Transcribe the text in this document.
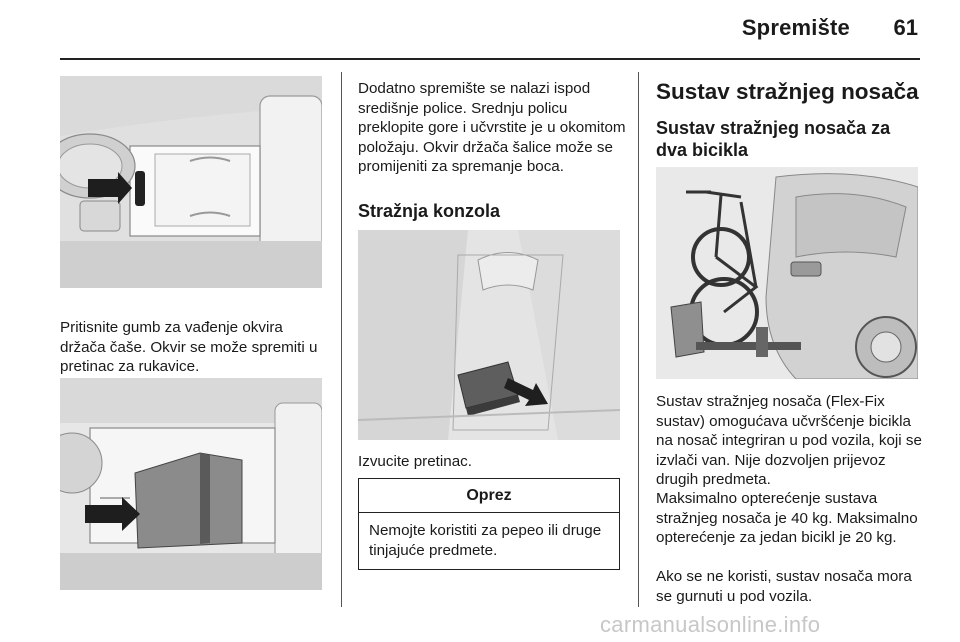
Spremište	61

Pritisnite gumb za vađenje okvira držača čaše. Okvir se može spremiti u pretinac za rukavice.

Dodatno spremište se nalazi ispod središnje police. Srednju policu preklopite gore i učvrstite je u okomitom položaju. Okvir držača šalice može se promijeniti za spremanje boca.

Stražnja konzola

Izvucite pretinac.

Oprez
Nemojte koristiti za pepeo ili druge tinjajuće predmete.
Sustav stražnjeg nosača
Sustav stražnjeg nosača za dva bicikla

Sustav stražnjeg nosača (Flex-Fix sustav) omogućava učvršćenje bicikla na nosač integriran u pod vozila, koji se izvlači van. Nije dozvoljen prijevoz drugih predmeta.

Maksimalno opterećenje sustava stražnjeg nosača je 40 kg. Maksimalno opterećenje za jedan bicikl je 20 kg.

Ako se ne koristi, sustav nosača mora se gurnuti u pod vozila.

carmanualsonline.info
